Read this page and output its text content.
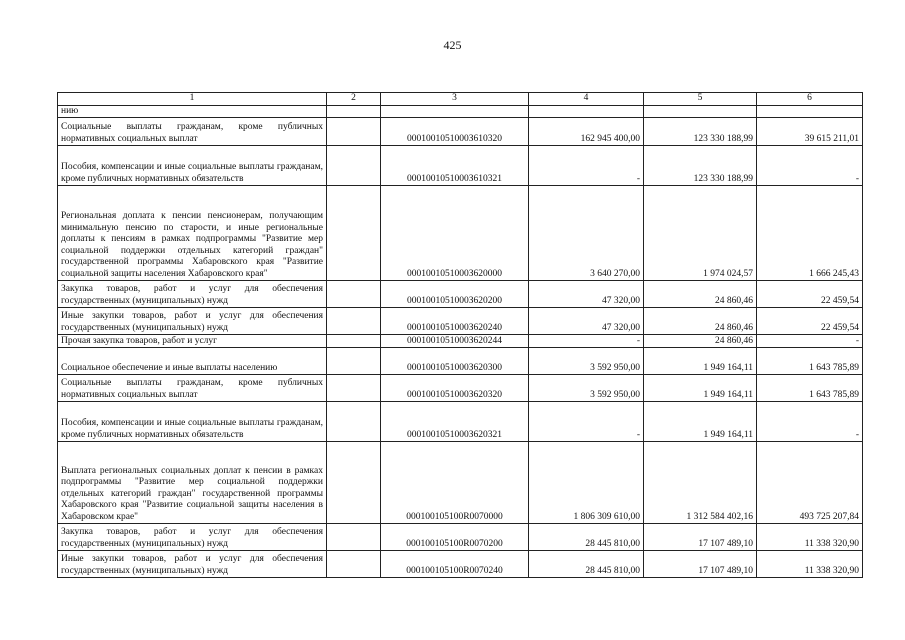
425
1	2	3	4	5	6
нию					
Социальные выплаты гражданам, кроме публичных нормативных социальных выплат		0001001051000З610320	162 945 400,00	123 330 188,99	39 615 211,01
Пособия, компенсации и иные социальные выплаты гражданам, кроме публичных нормативных обязательств		0001001051000З610321	-	123 330 188,99	-
Региональная доплата к пенсии пенсионерам, получающим минимальную пенсию по старости, и иные региональные доплаты к пенсиям в рамках подпрограммы "Развитие мер социальной поддержки отдельных категорий граждан" государственной программы Хабаровского края "Развитие социальной защиты населения Хабаровского края"		0001001051000З620000	3 640 270,00	1 974 024,57	1 666 245,43
Закупка товаров, работ и услуг для обеспечения государственных (муниципальных) нужд		0001001051000З620200	47 320,00	24 860,46	22 459,54
Иные закупки товаров, работ и услуг для обеспечения государственных (муниципальных) нужд		0001001051000З620240	47 320,00	24 860,46	22 459,54
Прочая закупка товаров, работ и услуг		0001001051000З620244	-	24 860,46	-
Социальное обеспечение и иные выплаты населению		0001001051000З620300	3 592 950,00	1 949 164,11	1 643 785,89
Социальные выплаты гражданам, кроме публичных нормативных социальных выплат		0001001051000З620320	3 592 950,00	1 949 164,11	1 643 785,89
Пособия, компенсации и иные социальные выплаты гражданам, кроме публичных нормативных обязательств		0001001051000З620321	-	1 949 164,11	-
Выплата региональных социальных доплат к пенсии в рамках подпрограммы "Развитие мер социальной поддержки отдельных категорий граждан" государственной программы Хабаровского края "Развитие социальной защиты населения в Хабаровском крае"		000100105100R0070000	1 806 309 610,00	1 312 584 402,16	493 725 207,84
Закупка товаров, работ и услуг для обеспечения государственных (муниципальных) нужд		000100105100R0070200	28 445 810,00	17 107 489,10	11 338 320,90
Иные закупки товаров, работ и услуг для обеспечения государственных (муниципальных) нужд		000100105100R0070240	28 445 810,00	17 107 489,10	11 338 320,90
